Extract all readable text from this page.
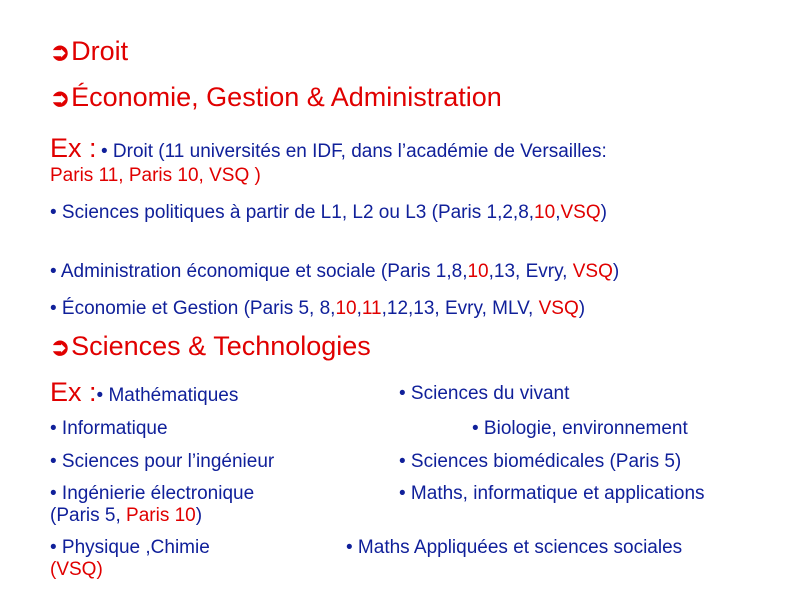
➲Droit
➲Économie, Gestion & Administration
Ex : • Droit (11 universités en IDF, dans l’académie de Versailles:
Paris 11, Paris 10, VSQ )
• Sciences politiques à partir de L1, L2 ou L3 (Paris 1,2,8,10,VSQ)
• Administration économique et sociale (Paris 1,8,10,13, Evry, VSQ)
• Économie et Gestion (Paris 5, 8,10,11,12,13, Evry, MLV, VSQ)
➲Sciences & Technologies
Ex :• Mathématiques	• Sciences du vivant
• Informatique	• Biologie, environnement
• Sciences pour l’ingénieur	• Sciences biomédicales (Paris 5)
• Ingénierie électronique	• Maths, informatique et applications
(Paris 5, Paris 10)
• Physique ,Chimie	• Maths Appliquées et sciences sociales
(VSQ)
